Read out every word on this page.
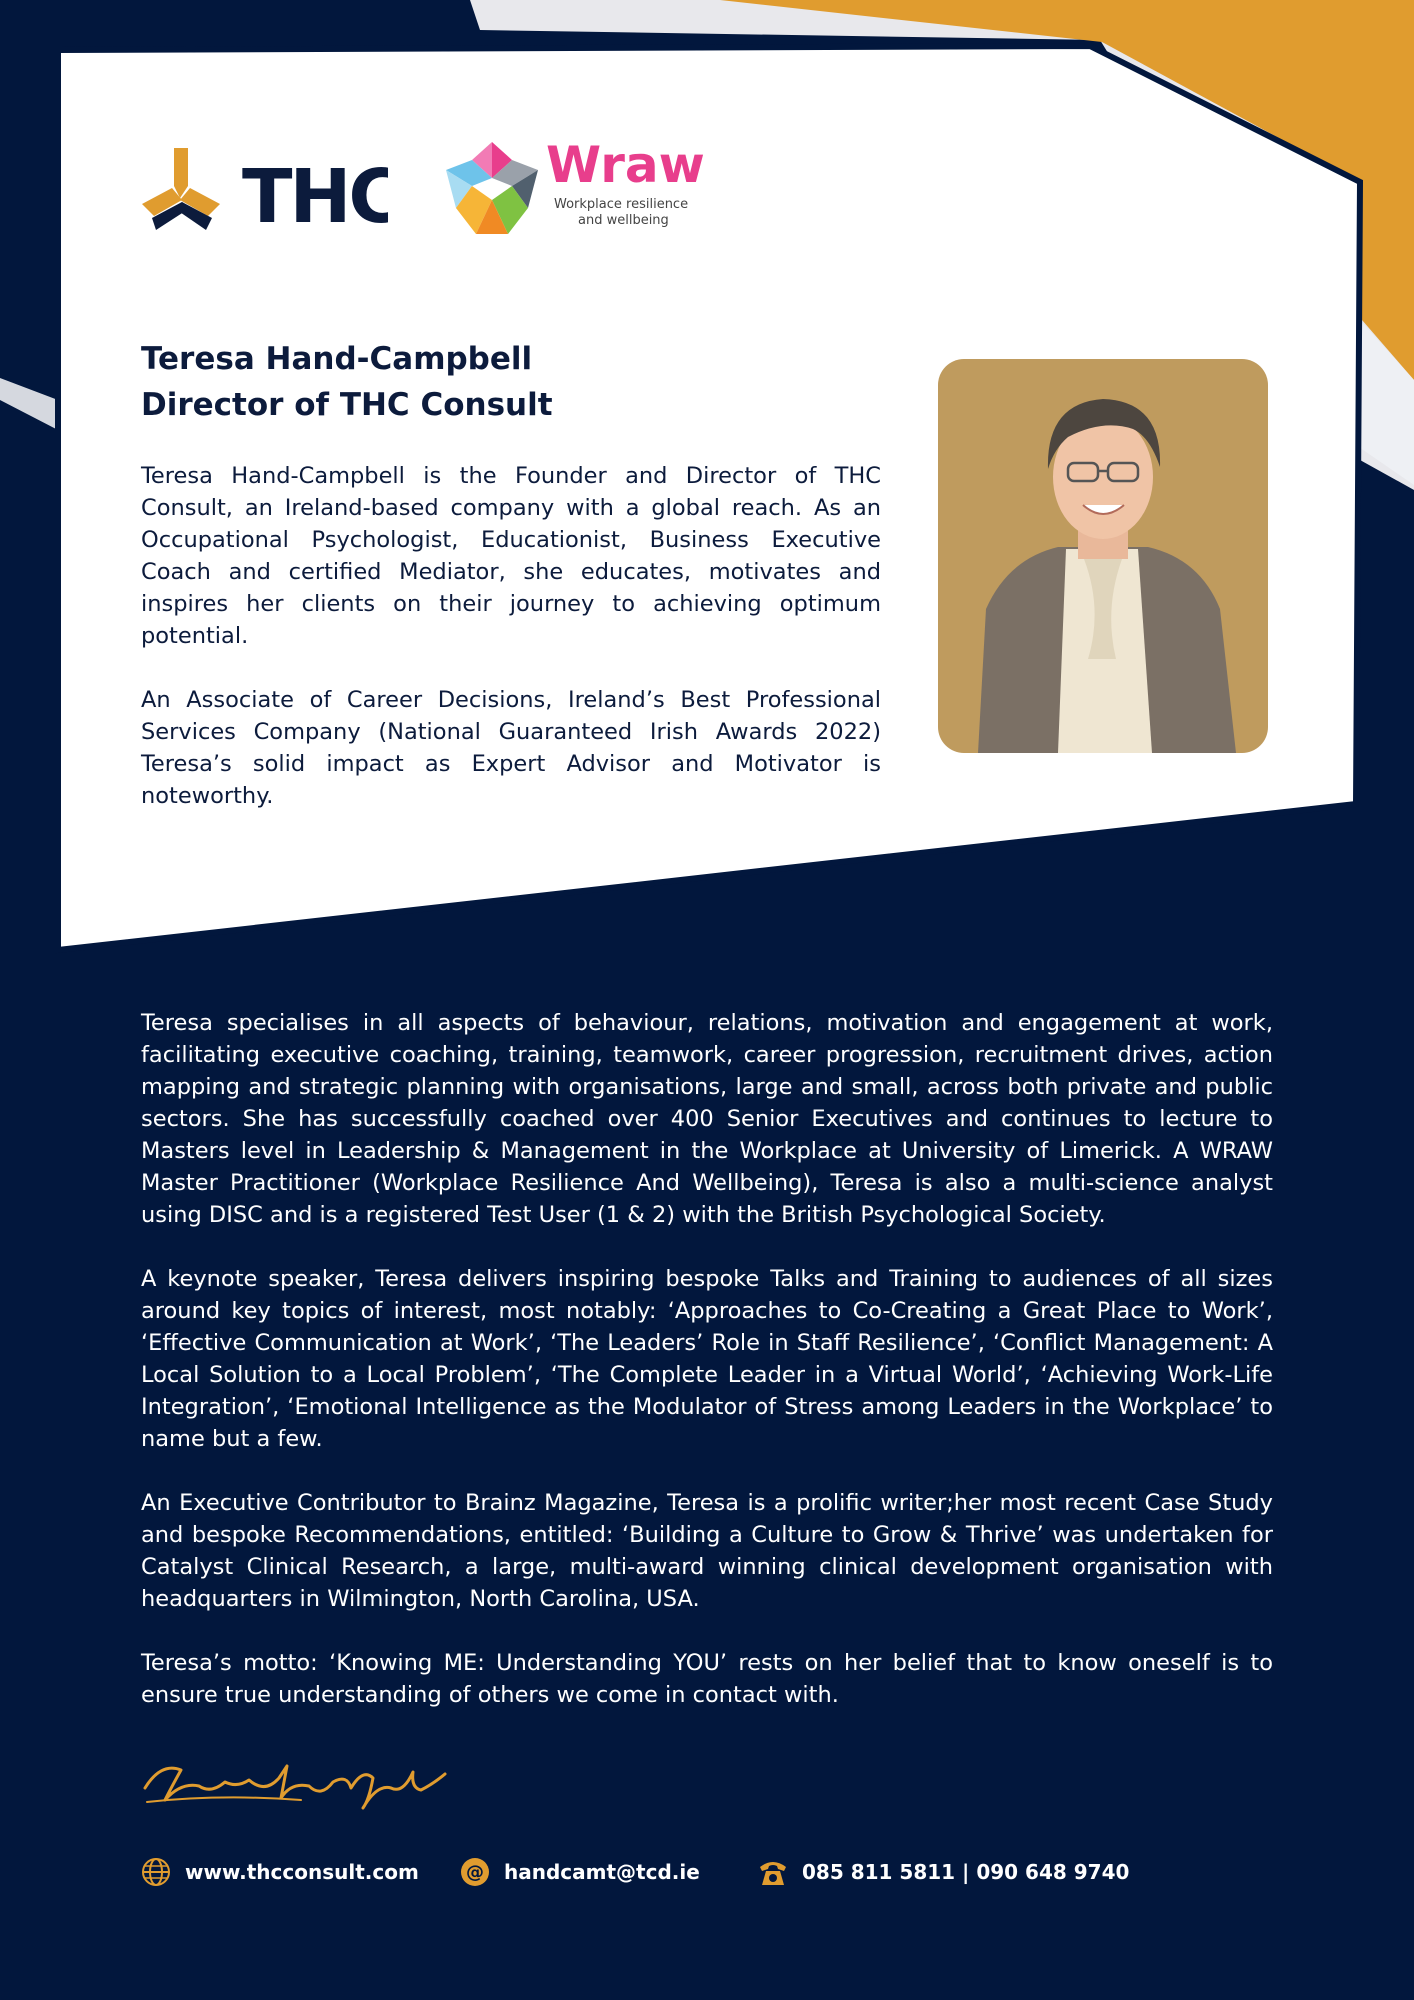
THC	Wraw
Workplace resilience
and wellbeing
Teresa Hand-Campbell
Director of THC Consult

Teresa Hand-Campbell is the Founder and Director of THC Consult, an Ireland-based company with a global reach. As an Occupational Psychologist, Educationist, Business Executive Coach and certified Mediator, she educates, motivates and inspires her clients on their journey to achieving optimum potential.

An Associate of Career Decisions, Ireland’s Best Professional Services Company (National Guaranteed Irish Awards 2022) Teresa’s solid impact as Expert Advisor and Motivator is noteworthy.

Teresa specialises in all aspects of behaviour, relations, motivation and engagement at work, facilitating executive coaching, training, teamwork, career progression, recruitment drives, action mapping and strategic planning with organisations, large and small, across both private and public sectors. She has successfully coached over 400 Senior Executives and continues to lecture to Masters level in Leadership & Management in the Workplace at University of Limerick. A WRAW Master Practitioner (Workplace Resilience And Wellbeing), Teresa is also a multi-science analyst using DISC and is a registered Test User (1 & 2) with the British Psychological Society.

A keynote speaker, Teresa delivers inspiring bespoke Talks and Training to audiences of all sizes around key topics of interest, most notably: ‘Approaches to Co-Creating a Great Place to Work’, ‘Effective Communication at Work’, ‘The Leaders’ Role in Staff Resilience’, ‘Conflict Management: A Local Solution to a Local Problem’, ‘The Complete Leader in a Virtual World’, ‘Achieving Work-Life Integration’, ‘Emotional Intelligence as the Modulator of Stress among Leaders in the Workplace’ to name but a few.

An Executive Contributor to Brainz Magazine, Teresa is a prolific writer;her most recent Case Study and bespoke Recommendations, entitled: ‘Building a Culture to Grow & Thrive’ was undertaken for Catalyst Clinical Research, a large, multi-award winning clinical development organisation with headquarters in Wilmington, North Carolina, USA.

Teresa’s motto: ‘Knowing ME: Understanding YOU’ rests on her belief that to know oneself is to ensure true understanding of others we come in contact with.

www.thcconsult.com	@ handcamt@tcd.ie	085 811 5811 | 090 648 9740
